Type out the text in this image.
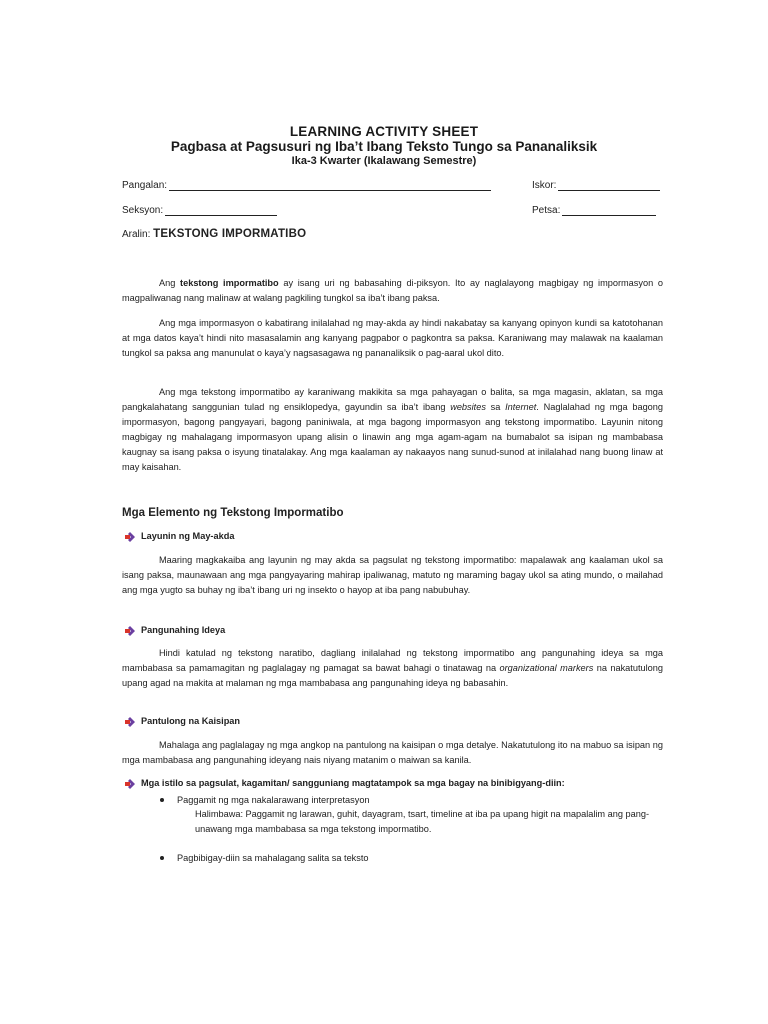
LEARNING ACTIVITY SHEET
Pagbasa at Pagsusuri ng Iba’t Ibang Teksto Tungo sa Pananaliksik
Ika-3 Kwarter (Ikalawang Semestre)
Pangalan:	Iskor:
Seksyon:	Petsa:
Aralin: TEKSTONG IMPORMATIBO

Ang tekstong impormatibo ay isang uri ng babasahing di-piksyon. Ito ay naglalayong magbigay ng impormasyon o magpaliwanag nang malinaw at walang pagkiling tungkol sa iba’t ibang paksa.

Ang mga impormasyon o kabatirang inilalahad ng may-akda ay hindi nakabatay sa kanyang opinyon kundi sa katotohanan at mga datos kaya’t hindi nito masasalamin ang kanyang pagpabor o pagkontra sa paksa. Karaniwang may malawak na kaalaman tungkol sa paksa ang manunulat o kaya’y nagsasagawa ng pananaliksik o pag-aaral ukol dito.

Ang mga tekstong impormatibo ay karaniwang makikita sa mga pahayagan o balita, sa mga magasin, aklatan, sa mga pangkalahatang sanggunian tulad ng ensiklopedya, gayundin sa iba’t ibang websites sa Internet. Naglalahad ng mga bagong impormasyon, bagong pangyayari, bagong paniniwala, at mga bagong impormasyon ang tekstong impormatibo. Layunin nitong magbigay ng mahalagang impormasyon upang alisin o linawin ang mga agam-agam na bumabalot sa isipan ng mambabasa kaugnay sa isang paksa o isyung tinatalakay. Ang mga kaalaman ay nakaayos nang sunud-sunod at inilalahad nang buong linaw at may kaisahan.

Mga Elemento ng Tekstong Impormatibo
Layunin ng May-akda

Maaring magkakaiba ang layunin ng may akda sa pagsulat ng tekstong impormatibo: mapalawak ang kaalaman ukol sa isang paksa, maunawaan ang mga pangyayaring mahirap ipaliwanag, matuto ng maraming bagay ukol sa ating mundo, o mailahad ang mga yugto sa buhay ng iba’t ibang uri ng insekto o hayop at iba pang nabubuhay.

Pangunahing Ideya

Hindi katulad ng tekstong naratibo, dagliang inilalahad ng tekstong impormatibo ang pangunahing ideya sa mga mambabasa sa pamamagitan ng paglalagay ng pamagat sa bawat bahagi o tinatawag na organizational markers na nakatutulong upang agad na makita at malaman ng mga mambabasa ang pangunahing ideya ng babasahin.

Pantulong na Kaisipan

Mahalaga ang paglalagay ng mga angkop na pantulong na kaisipan o mga detalye. Nakatutulong ito na mabuo sa isipan ng mga mambabasa ang pangunahing ideyang nais niyang matanim o maiwan sa kanila.

Mga istilo sa pagsulat, kagamitan/ sangguniang magtatampok sa mga bagay na binibigyang-diin:
Paggamit ng mga nakalarawang interpretasyon

Halimbawa: Paggamit ng larawan, guhit, dayagram, tsart, timeline at iba pa upang higit na mapalalim ang pang-unawang mga mambabasa sa mga tekstong impormatibo.

Pagbibigay-diin sa mahalagang salita sa teksto
